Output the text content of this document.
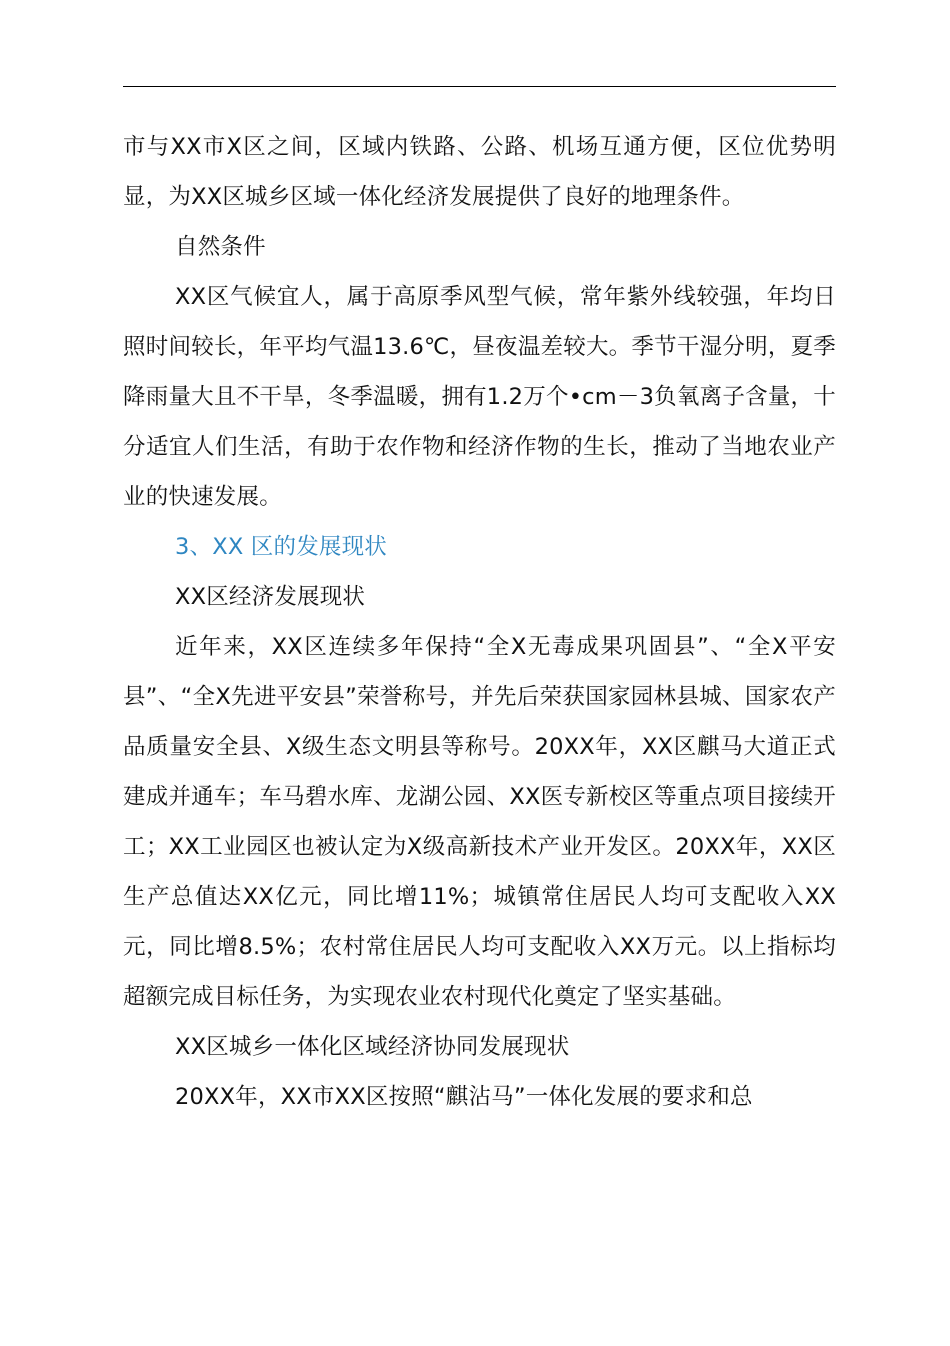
市与XX市X区之间，区域内铁路、公路、机场互通方便，区位优势明显，为XX区城乡区域一体化经济发展提供了良好的地理条件。

自然条件

XX区气候宜人，属于高原季风型气候，常年紫外线较强，年均日照时间较长，年平均气温13.6℃，昼夜温差较大。季节干湿分明，夏季降雨量大且不干旱，冬季温暖，拥有1.2万个•cm－3负氧离子含量，十分适宜人们生活，有助于农作物和经济作物的生长，推动了当地农业产业的快速发展。

3、XX 区的发展现状

XX区经济发展现状

近年来，XX区连续多年保持“全X无毒成果巩固县”、“全X平安县”、“全X先进平安县”荣誉称号，并先后荣获国家园林县城、国家农产品质量安全县、X级生态文明县等称号。20XX年，XX区麒马大道正式建成并通车；车马碧水库、龙湖公园、XX医专新校区等重点项目接续开工；XX工业园区也被认定为X级高新技术产业开发区。20XX年，XX区生产总值达XX亿元，同比增11%；城镇常住居民人均可支配收入XX元，同比增8.5%；农村常住居民人均可支配收入XX万元。以上指标均超额完成目标任务，为实现农业农村现代化奠定了坚实基础。

XX区城乡一体化区域经济协同发展现状

20XX年，XX市XX区按照“麒沾马”一体化发展的要求和总
